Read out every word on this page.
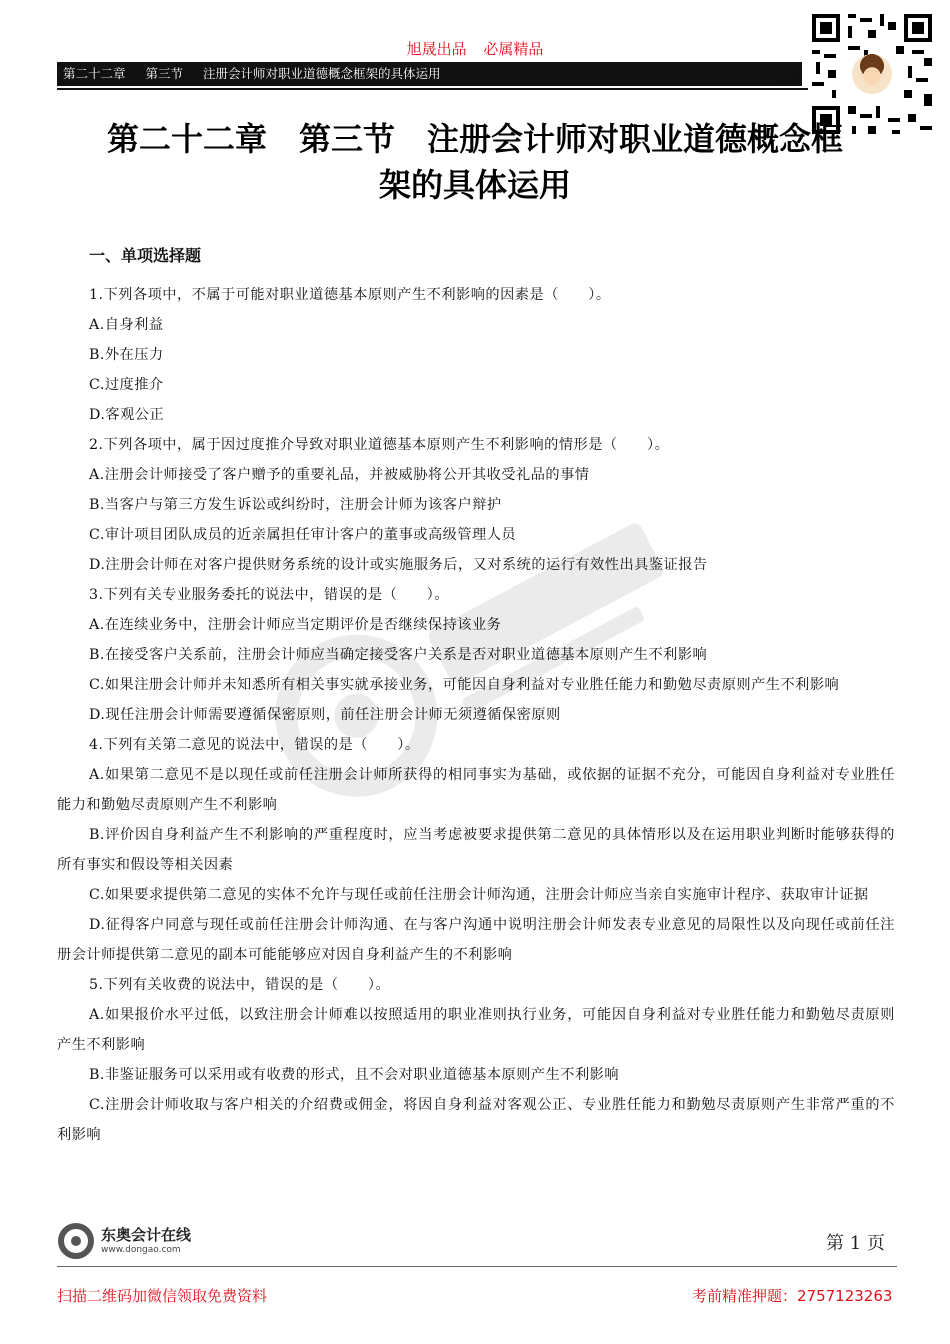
旭晟出品 必属精品
第二十二章 第三节 注册会计师对职业道德概念框架的具体运用	出自
第二十二章　第三节　注册会计师对职业道德概念框
架的具体运用
一、单项选择题

1.下列各项中，不属于可能对职业道德基本原则产生不利影响的因素是（　　）。

A.自身利益

B.外在压力

C.过度推介

D.客观公正

2.下列各项中，属于因过度推介导致对职业道德基本原则产生不利影响的情形是（　　）。

A.注册会计师接受了客户赠予的重要礼品，并被威胁将公开其收受礼品的事情

B.当客户与第三方发生诉讼或纠纷时，注册会计师为该客户辩护

C.审计项目团队成员的近亲属担任审计客户的董事或高级管理人员

D.注册会计师在对客户提供财务系统的设计或实施服务后，又对系统的运行有效性出具鉴证报告

3.下列有关专业服务委托的说法中，错误的是（　　）。

A.在连续业务中，注册会计师应当定期评价是否继续保持该业务

B.在接受客户关系前，注册会计师应当确定接受客户关系是否对职业道德基本原则产生不利影响

C.如果注册会计师并未知悉所有相关事实就承接业务，可能因自身利益对专业胜任能力和勤勉尽责原则产生不利影响

D.现任注册会计师需要遵循保密原则，前任注册会计师无须遵循保密原则

4.下列有关第二意见的说法中，错误的是（　　）。

A.如果第二意见不是以现任或前任注册会计师所获得的相同事实为基础，或依据的证据不充分，可能因自身利益对专业胜任能力和勤勉尽责原则产生不利影响

B.评价因自身利益产生不利影响的严重程度时，应当考虑被要求提供第二意见的具体情形以及在运用职业判断时能够获得的所有事实和假设等相关因素

C.如果要求提供第二意见的实体不允许与现任或前任注册会计师沟通，注册会计师应当亲自实施审计程序、获取审计证据

D.征得客户同意与现任或前任注册会计师沟通、在与客户沟通中说明注册会计师发表专业意见的局限性以及向现任或前任注册会计师提供第二意见的副本可能能够应对因自身利益产生的不利影响

5.下列有关收费的说法中，错误的是（　　）。

A.如果报价水平过低，以致注册会计师难以按照适用的职业准则执行业务，可能因自身利益对专业胜任能力和勤勉尽责原则产生不利影响

B.非鉴证服务可以采用或有收费的形式，且不会对职业道德基本原则产生不利影响

C.注册会计师收取与客户相关的介绍费或佣金，将因自身利益对客观公正、专业胜任能力和勤勉尽责原则产生非常严重的不利影响

东奥会计在线
www.dongao.com	第 1 页
扫描二维码加微信领取免费资料	考前精准押题：2757123263
